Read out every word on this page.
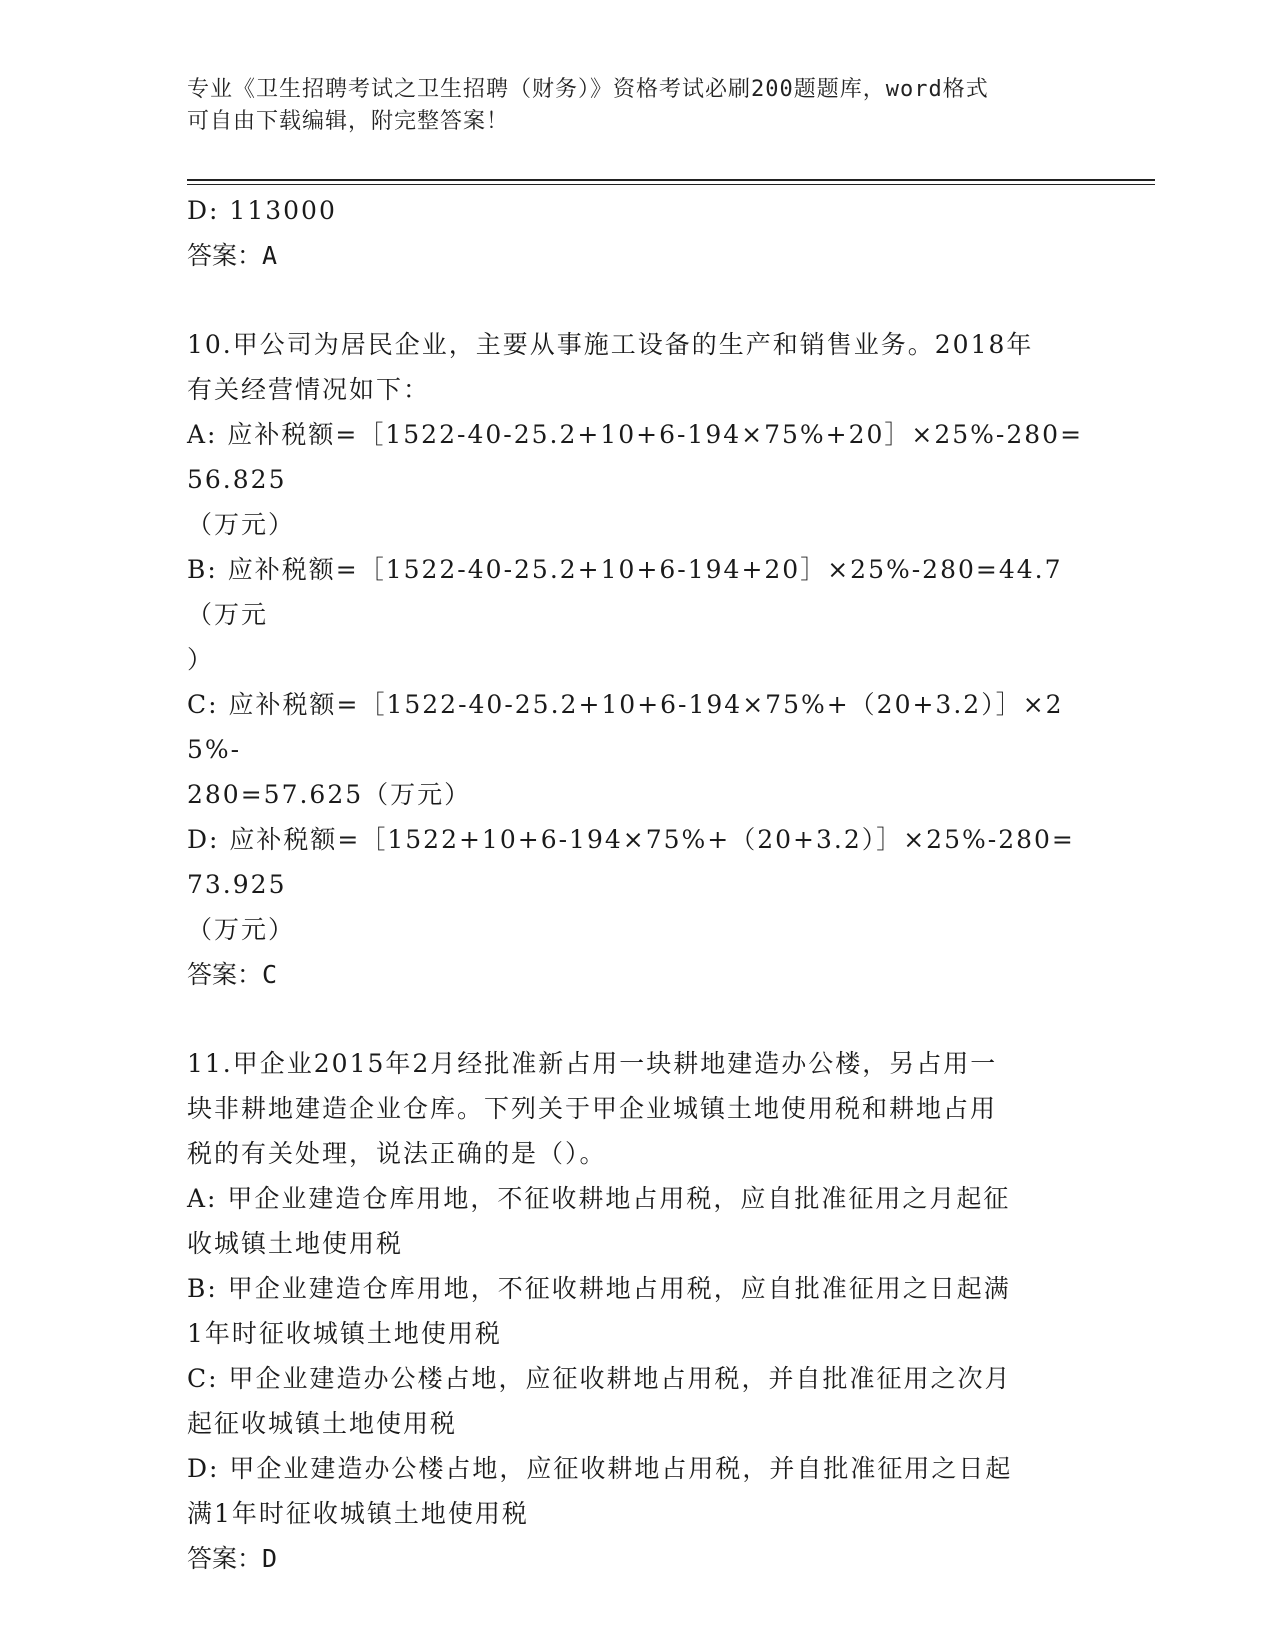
专业《卫生招聘考试之卫生招聘（财务）》资格考试必刷200题题库，word格式
可自由下载编辑，附完整答案！
D: 113000
答案：A
10.甲公司为居民企业，主要从事施工设备的生产和销售业务。2018年
有关经营情况如下：
A: 应补税额=［1522-40-25.2+10+6-194×75%+20］×25%-280=56.825
（万元）
B: 应补税额=［1522-40-25.2+10+6-194+20］×25%-280=44.7（万元
）
C: 应补税额=［1522-40-25.2+10+6-194×75%+（20+3.2）］×25%-
280=57.625（万元）
D: 应补税额=［1522+10+6-194×75%+（20+3.2）］×25%-280=73.925
（万元）
答案：C
11.甲企业2015年2月经批准新占用一块耕地建造办公楼，另占用一
块非耕地建造企业仓库。下列关于甲企业城镇土地使用税和耕地占用
税的有关处理，说法正确的是（）。
A: 甲企业建造仓库用地，不征收耕地占用税，应自批准征用之月起征
收城镇土地使用税
B: 甲企业建造仓库用地，不征收耕地占用税，应自批准征用之日起满
1年时征收城镇土地使用税
C: 甲企业建造办公楼占地，应征收耕地占用税，并自批准征用之次月
起征收城镇土地使用税
D: 甲企业建造办公楼占地，应征收耕地占用税，并自批准征用之日起
满1年时征收城镇土地使用税
答案：D
